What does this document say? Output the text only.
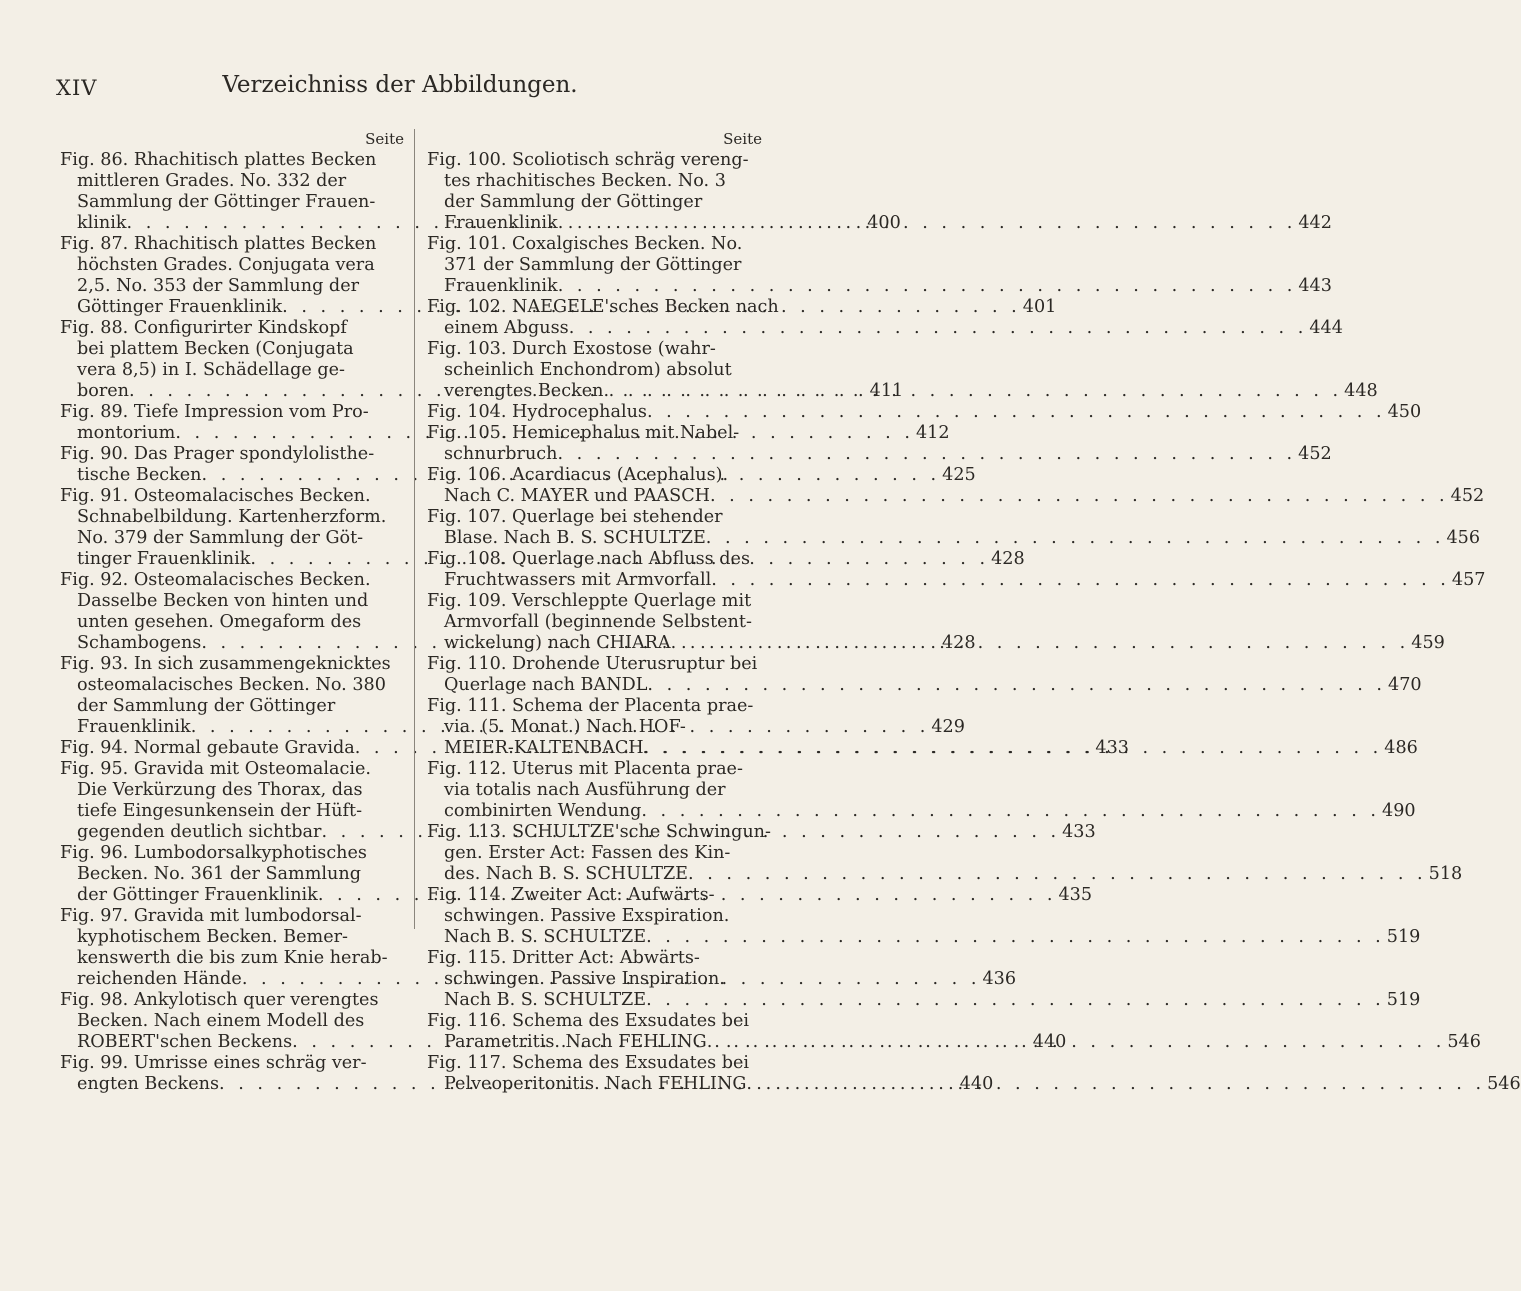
XIV	Verzeichniss der Abbildungen.
Seite
Fig. 86. Rhachitisch plattes Becken
mittleren Grades. No. 332 der
Sammlung der Göttinger Frauen-
klinik . . .	400
Fig. 87. Rhachitisch plattes Becken
höchsten Grades. Conjugata vera
2,5. No. 353 der Sammlung der
Göttinger Frauenklinik . . .	401
Fig. 88. Configurirter Kindskopf
bei plattem Becken (Conjugata
vera 8,5) in I. Schädellage ge-
boren . . .	411
Fig. 89. Tiefe Impression vom Pro-
montorium . . .	412
Fig. 90. Das Prager spondylolisthe-
tische Becken . . .	425
Fig. 91. Osteomalacisches Becken.
Schnabelbildung. Kartenherzform.
No. 379 der Sammlung der Göt-
tinger Frauenklinik . . .	428
Fig. 92. Osteomalacisches Becken.
Dasselbe Becken von hinten und
unten gesehen. Omegaform des
Schambogens . . .	428
Fig. 93. In sich zusammengeknicktes
osteomalacisches Becken. No. 380
der Sammlung der Göttinger
Frauenklinik . . .	429
Fig. 94. Normal gebaute Gravida . . .	433
Fig. 95. Gravida mit Osteomalacie.
Die Verkürzung des Thorax, das
tiefe Eingesunkensein der Hüft-
gegenden deutlich sichtbar . . .	433
Fig. 96. Lumbodorsalkyphotisches
Becken. No. 361 der Sammlung
der Göttinger Frauenklinik . . .	435
Fig. 97. Gravida mit lumbodorsal-
kyphotischem Becken. Bemer-
kenswerth die bis zum Knie herab-
reichenden Hände . . .	436
Fig. 98. Ankylotisch quer verengtes
Becken. Nach einem Modell des
ROBERT'schen Beckens . . .	440
Fig. 99. Umrisse eines schräg ver-
engten Beckens . . .	440
Seite
Fig. 100. Scoliotisch schräg vereng-
tes rhachitisches Becken. No. 3
der Sammlung der Göttinger
Frauenklinik . . .	442
Fig. 101. Coxalgisches Becken. No.
371 der Sammlung der Göttinger
Frauenklinik . . .	443
Fig. 102. NAEGELE'sches Becken nach
einem Abguss . . .	444
Fig. 103. Durch Exostose (wahr-
scheinlich Enchondrom) absolut
verengtes Becken . . .	448
Fig. 104. Hydrocephalus . . .	450
Fig. 105. Hemicephalus mit Nabel-
schnurbruch . . .	452
Fig. 106. Acardiacus (Acephalus).
Nach C. MAYER und PAASCH . . .	452
Fig. 107. Querlage bei stehender
Blase. Nach B. S. SCHULTZE . . .	456
Fig. 108. Querlage nach Abfluss des
Fruchtwassers mit Armvorfall . . .	457
Fig. 109. Verschleppte Querlage mit
Armvorfall (beginnende Selbstent-
wickelung) nach CHIARA . . .	459
Fig. 110. Drohende Uterusruptur bei
Querlage nach BANDL . . .	470
Fig. 111. Schema der Placenta prae-
via. (5. Monat.) Nach HOF-
MEIER-KALTENBACH . . .	486
Fig. 112. Uterus mit Placenta prae-
via totalis nach Ausführung der
combinirten Wendung . . .	490
Fig. 113. SCHULTZE'sche Schwingun-
gen. Erster Act: Fassen des Kin-
des. Nach B. S. SCHULTZE . . .	518
Fig. 114. Zweiter Act: Aufwärts-
schwingen. Passive Exspiration.
Nach B. S. SCHULTZE . . .	519
Fig. 115. Dritter Act: Abwärts-
schwingen. Passive Inspiration.
Nach B. S. SCHULTZE . . .	519
Fig. 116. Schema des Exsudates bei
Parametritis. Nach FEHLING . . .	546
Fig. 117. Schema des Exsudates bei
Pelveoperitonitis. Nach FEHLING . . .	546
